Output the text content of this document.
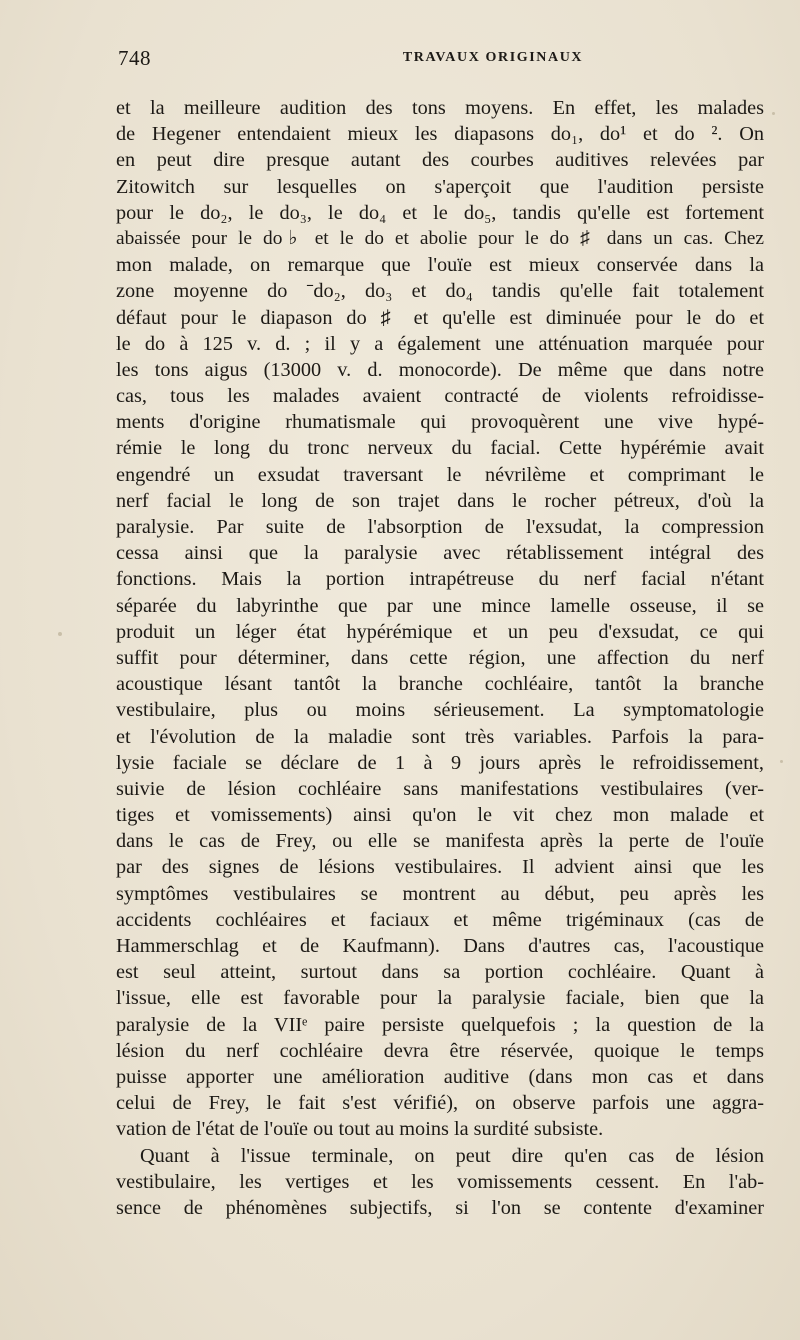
748	TRAVAUX ORIGINAUX
et la meilleure audition des tons moyens. En effet, les malades
de Hegener entendaient mieux les diapasons do₁, do¹ et do ². On
en peut dire presque autant des courbes auditives relevées par
Zitowitch sur lesquelles on s'aperçoit que l'audition persiste
pour le do₂, le do₃, le do₄ et le do₅, tandis qu'elle est fortement
abaissée pour le do♭ et le do et abolie pour le do ♯ dans un cas. Chez
mon malade, on remarque que l'ouïe est mieux conservée dans la
zone moyenne do ˉdo₂, do₃ et do₄ tandis qu'elle fait totalement
défaut pour le diapason do ♯ et qu'elle est diminuée pour le do et
le do à 125 v. d. ; il y a également une atténuation marquée pour
les tons aigus (13000 v. d. monocorde). De même que dans notre
cas, tous les malades avaient contracté de violents refroidisse-
ments d'origine rhumatismale qui provoquèrent une vive hypé-
rémie le long du tronc nerveux du facial. Cette hypérémie avait
engendré un exsudat traversant le névrilème et comprimant le
nerf facial le long de son trajet dans le rocher pétreux, d'où la
paralysie. Par suite de l'absorption de l'exsudat, la compression
cessa ainsi que la paralysie avec rétablissement intégral des
fonctions. Mais la portion intrapétreuse du nerf facial n'étant
séparée du labyrinthe que par une mince lamelle osseuse, il se
produit un léger état hypérémique et un peu d'exsudat, ce qui
suffit pour déterminer, dans cette région, une affection du nerf
acoustique lésant tantôt la branche cochléaire, tantôt la branche
vestibulaire, plus ou moins sérieusement. La symptomatologie
et l'évolution de la maladie sont très variables. Parfois la para-
lysie faciale se déclare de 1 à 9 jours après le refroidissement,
suivie de lésion cochléaire sans manifestations vestibulaires (ver-
tiges et vomissements) ainsi qu'on le vit chez mon malade et
dans le cas de Frey, ou elle se manifesta après la perte de l'ouïe
par des signes de lésions vestibulaires. Il advient ainsi que les
symptômes vestibulaires se montrent au début, peu après les
accidents cochléaires et faciaux et même trigéminaux (cas de
Hammerschlag et de Kaufmann). Dans d'autres cas, l'acoustique
est seul atteint, surtout dans sa portion cochléaire. Quant à
l'issue, elle est favorable pour la paralysie faciale, bien que la
paralysie de la VIIᵉ paire persiste quelquefois ; la question de la
lésion du nerf cochléaire devra être réservée, quoique le temps
puisse apporter une amélioration auditive (dans mon cas et dans
celui de Frey, le fait s'est vérifié), on observe parfois une aggra-
vation de l'état de l'ouïe ou tout au moins la surdité subsiste.
Quant à l'issue terminale, on peut dire qu'en cas de lésion
vestibulaire, les vertiges et les vomissements cessent. En l'ab-
sence de phénomènes subjectifs, si l'on se contente d'examiner
